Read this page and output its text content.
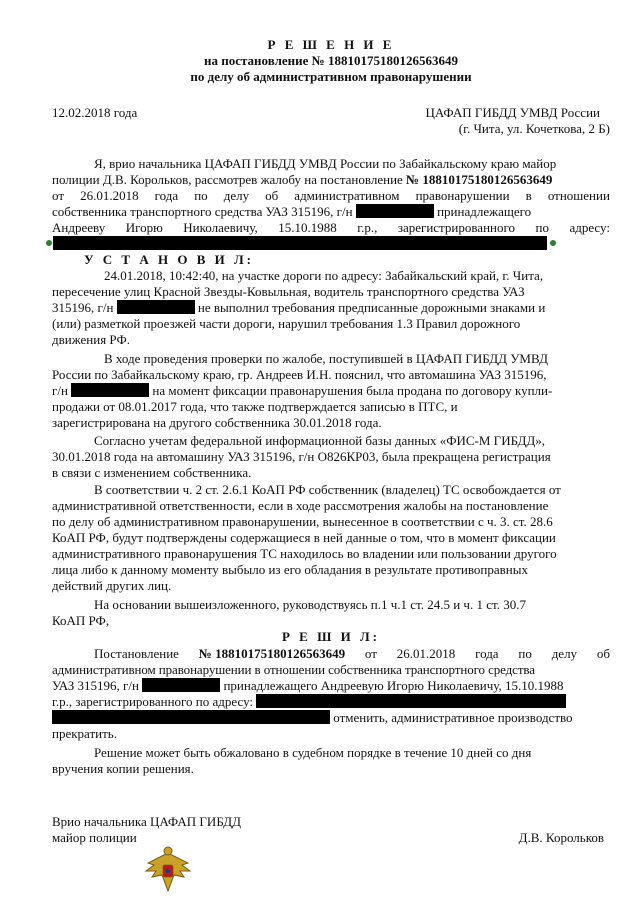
Р Е Ш Е Н И Е
на постановление № 18810175180126563649
по делу об административном правонарушении
12.02.2018 года	ЦАФАП ГИБДД УМВД России
(г. Чита, ул. Кочеткова, 2 Б)
Я, врио начальника ЦАФАП ГИБДД УМВД России по Забайкальскому краю майор
полиции Д.В. Корольков, рассмотрев жалобу на постановление № 18810175180126563649
от 26.01.2018 года по делу об административном правонарушении в отношении
собственника транспортного средства УАЗ 315196, г/н	принадлежащего
Андрееву Игорю Николаевичу, 15.10.1988 г.р., зарегистрированного по адресу:
У С Т А Н О В И Л:
24.01.2018, 10:42:40, на участке дороги по адресу: Забайкальский край, г. Чита,
пересечение улиц Красной Звезды-Ковыльная, водитель транспортного средства УАЗ
315196, г/н	не выполнил требования предписанные дорожными знаками и
(или) разметкой проезжей части дороги, нарушил требования 1.3 Правил дорожного
движения РФ.
В ходе проведения проверки по жалобе, поступившей в ЦАФАП ГИБДД УМВД
России по Забайкальскому краю, гр. Андреев И.Н. пояснил, что автомашина УАЗ 315196,
г/н	на момент фиксации правонарушения была продана по договору купли-
продажи от 08.01.2017 года, что также подтверждается записью в ПТС, и
зарегистрирована на другого собственника 30.01.2018 года.
Согласно учетам федеральной информационной базы данных «ФИС-М ГИБДД»,
30.01.2018 года на автомашину УАЗ 315196, г/н О826КР03, была прекращена регистрация
в связи с изменением собственника.
В соответствии ч. 2 ст. 2.6.1 КоАП РФ собственник (владелец) ТС освобождается от
административной ответственности, если в ходе рассмотрения жалобы на постановление
по делу об административном правонарушении, вынесенное в соответствии с ч. 3. ст. 28.6
КоАП РФ, будут подтверждены содержащиеся в ней данные о том, что в момент фиксации
административного правонарушения ТС находилось во владении или пользовании другого
лица либо к данному моменту выбыло из его обладания в результате противоправных
действий других лиц.
На основании вышеизложенного, руководствуясь п.1 ч.1 ст. 24.5 и ч. 1 ст. 30.7
КоАП РФ,
Р Е Ш И Л:
Постановление № 18810175180126563649 от 26.01.2018 года по делу об
административном правонарушении в отношении собственника транспортного средства
УАЗ 315196, г/н	принадлежащего Андреевую Игорю Николаевичу, 15.10.1988
г.р., зарегистрированного по адресу:
отменить, административное производство
прекратить.
Решение может быть обжаловано в судебном порядке в течение 10 дней со дня
вручения копии решения.
Врио начальника ЦАФАП ГИБДД
майор полиции	Д.В. Корольков
